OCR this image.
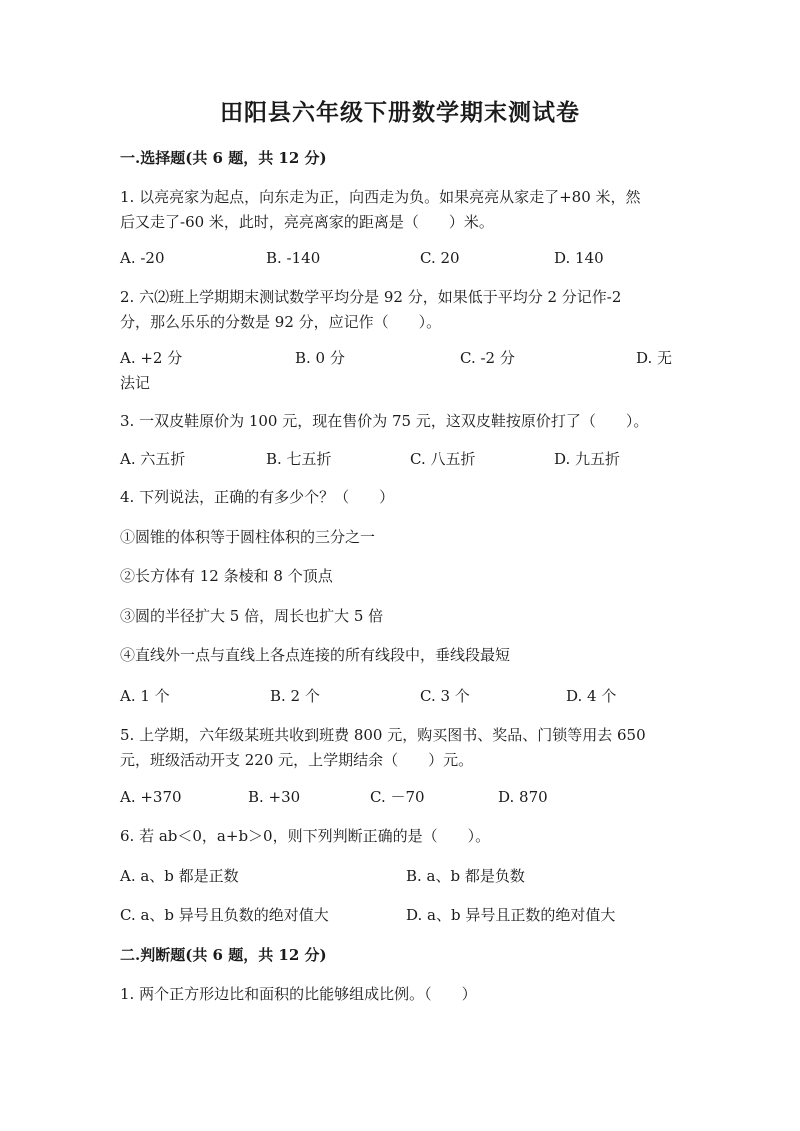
田阳县六年级下册数学期末测试卷
一.选择题(共 6 题，共 12 分)
1. 以亮亮家为起点，向东走为正，向西走为负。如果亮亮从家走了+80 米，然
后又走了-60 米，此时，亮亮离家的距离是（　　）米。
A. -20	B. -140	C. 20	D. 140
2. 六⑵班上学期期末测试数学平均分是 92 分，如果低于平均分 2 分记作-2
分，那么乐乐的分数是 92 分，应记作（　　）。
A. +2 分	B. 0 分	C. -2 分	D. 无
法记
3. 一双皮鞋原价为 100 元，现在售价为 75 元，这双皮鞋按原价打了（　　）。
A. 六五折	B. 七五折	C. 八五折	D. 九五折
4. 下列说法，正确的有多少个？（　　）
①圆锥的体积等于圆柱体积的三分之一
②长方体有 12 条棱和 8 个顶点
③圆的半径扩大 5 倍，周长也扩大 5 倍
④直线外一点与直线上各点连接的所有线段中，垂线段最短
A. 1 个	B. 2 个	C. 3 个	D. 4 个
5. 上学期，六年级某班共收到班费 800 元，购买图书、奖品、门锁等用去 650
元，班级活动开支 220 元，上学期结余（　　）元。
A. +370	B. +30	C. －70	D. 870
6. 若 ab＜0，a+b＞0，则下列判断正确的是（　　）。
A. a、b 都是正数	B. a、b 都是负数
C. a、b 异号且负数的绝对值大	D. a、b 异号且正数的绝对值大
二.判断题(共 6 题，共 12 分)
1. 两个正方形边比和面积的比能够组成比例。（　　）
